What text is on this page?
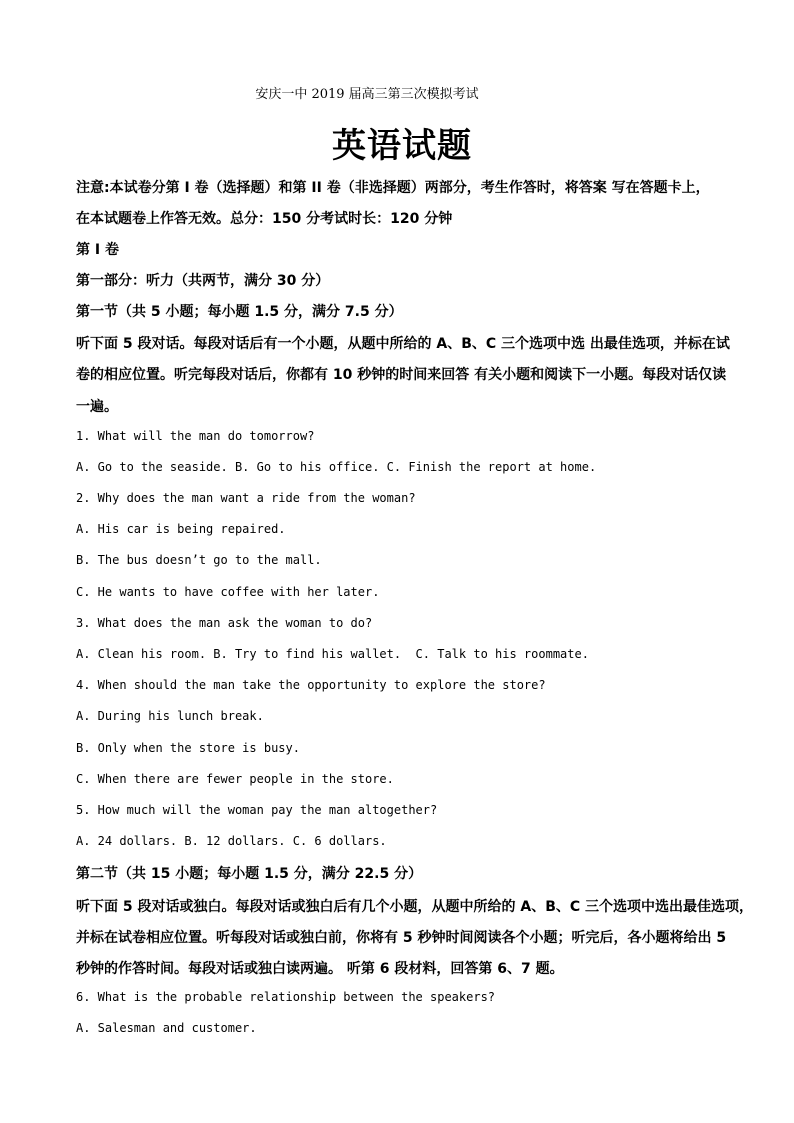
安庆一中 2019 届高三第三次模拟考试
英语试题
注意:本试卷分第 I 卷（选择题）和第 II 卷（非选择题）两部分，考生作答时，将答案 写在答题卡上，
在本试题卷上作答无效。总分：150 分考试时长：120 分钟
第 I 卷
第一部分：听力（共两节，满分 30 分）
第一节（共 5 小题；每小题 1.5 分，满分 7.5 分）
听下面 5 段对话。每段对话后有一个小题，从题中所给的 A、B、C 三个选项中选 出最佳选项，并标在试
卷的相应位置。听完每段对话后，你都有 10 秒钟的时间来回答 有关小题和阅读下一小题。每段对话仅读
一遍。
1. What will the man do tomorrow?
A. Go to the seaside. B. Go to his office. C. Finish the report at home.
2. Why does the man want a ride from the woman?
A. His car is being repaired.
B. The bus doesn’t go to the mall.
C. He wants to have coffee with her later.
3. What does the man ask the woman to do?
A. Clean his room. B. Try to find his wallet.  C. Talk to his roommate.
4. When should the man take the opportunity to explore the store?
A. During his lunch break.
B. Only when the store is busy.
C. When there are fewer people in the store.
5. How much will the woman pay the man altogether?
A. 24 dollars. B. 12 dollars. C. 6 dollars.
第二节（共 15 小题；每小题 1.5 分，满分 22.5 分）
听下面 5 段对话或独白。每段对话或独白后有几个小题，从题中所给的 A、B、C 三个选项中选出最佳选项，
并标在试卷相应位置。听每段对话或独白前，你将有 5 秒钟时间阅读各个小题；听完后，各小题将给出 5
秒钟的作答时间。每段对话或独白读两遍。 听第 6 段材料，回答第 6、7 题。
6. What is the probable relationship between the speakers?
A. Salesman and customer.
